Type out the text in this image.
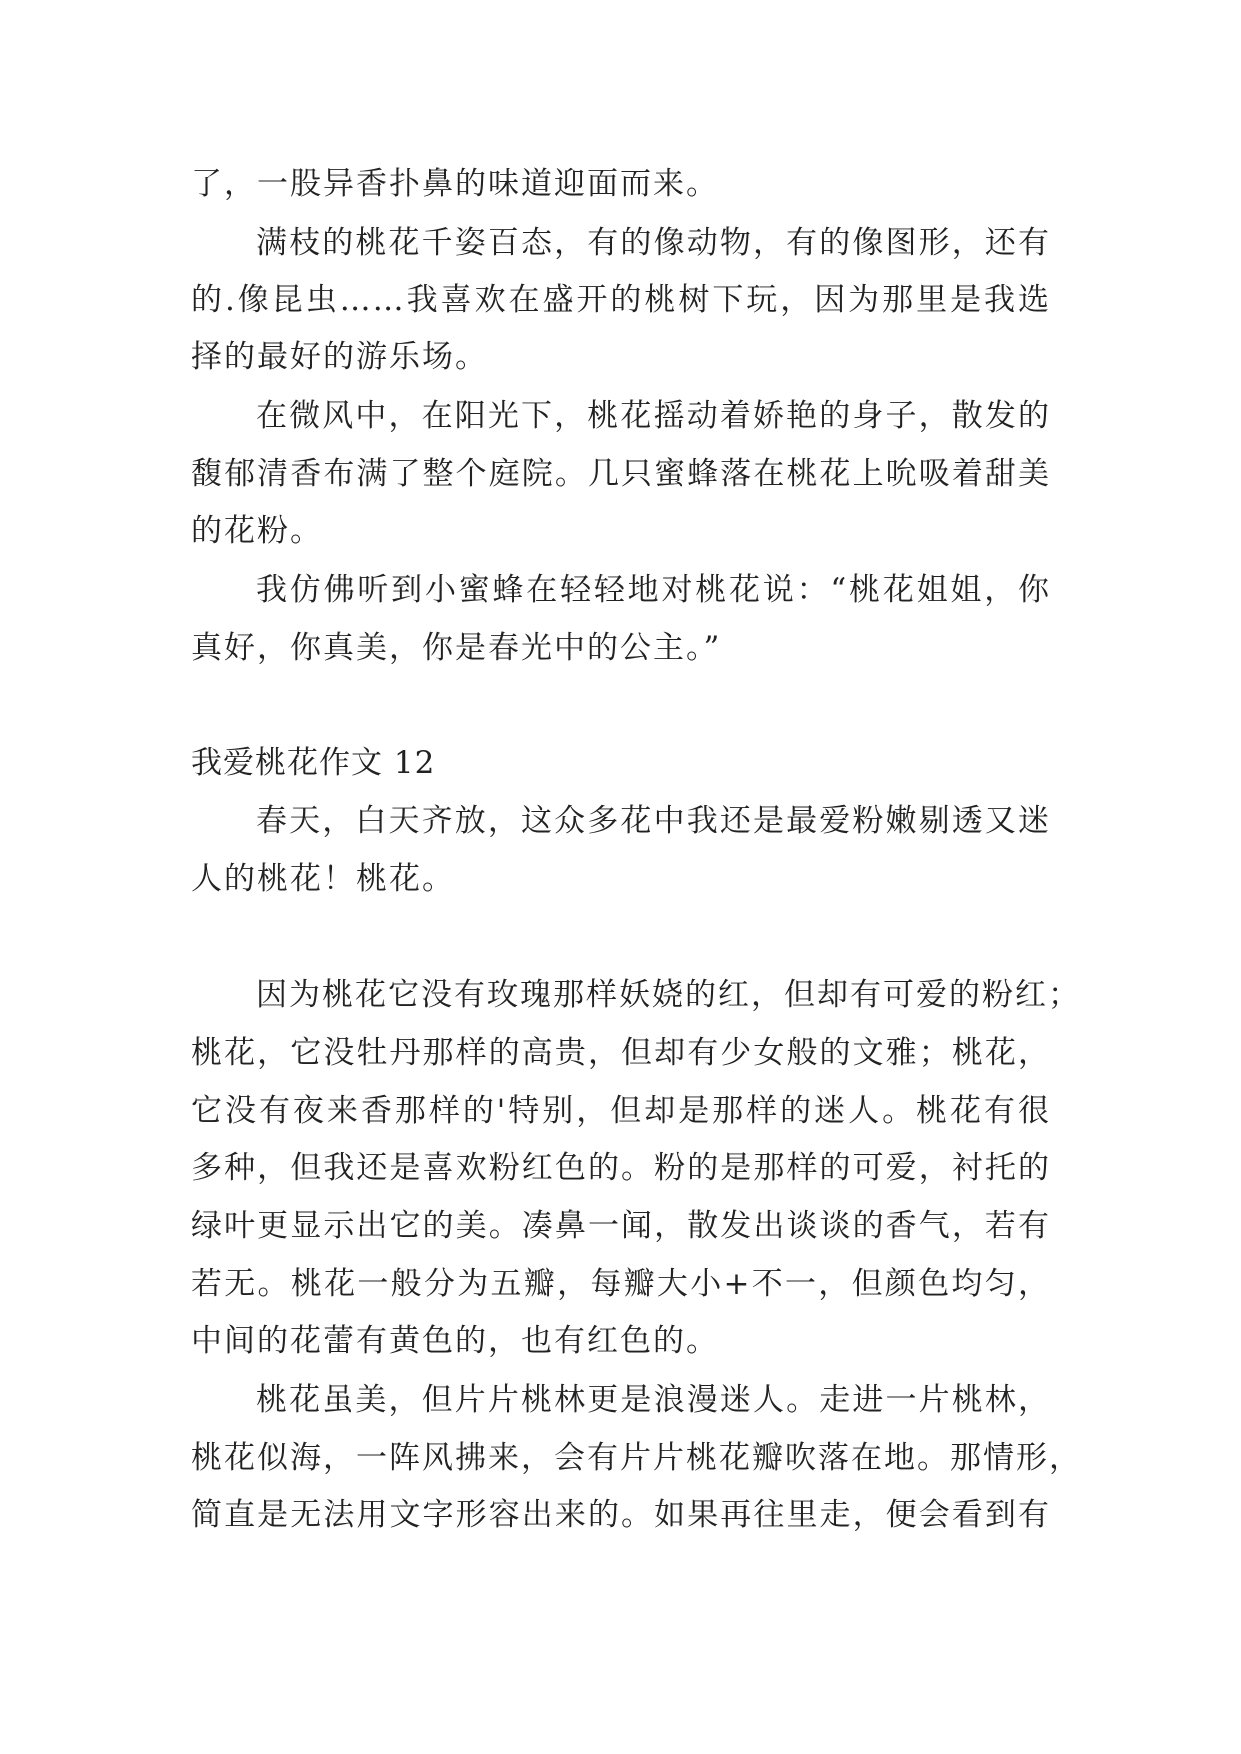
了，一股异香扑鼻的味道迎面而来。
满枝的桃花千姿百态，有的像动物，有的像图形，还有
的.像昆虫……我喜欢在盛开的桃树下玩，因为那里是我选
择的最好的游乐场。
在微风中，在阳光下，桃花摇动着娇艳的身子，散发的
馥郁清香布满了整个庭院。几只蜜蜂落在桃花上吮吸着甜美
的花粉。
我仿佛听到小蜜蜂在轻轻地对桃花说：“桃花姐姐，你
真好，你真美，你是春光中的公主。”
我爱桃花作文 12
春天，白天齐放，这众多花中我还是最爱粉嫩剔透又迷
人的桃花！桃花。
因为桃花它没有玫瑰那样妖娆的红，但却有可爱的粉红；
桃花，它没牡丹那样的高贵，但却有少女般的文雅；桃花，
它没有夜来香那样的'特别，但却是那样的迷人。桃花有很
多种，但我还是喜欢粉红色的。粉的是那样的可爱，衬托的
绿叶更显示出它的美。凑鼻一闻，散发出谈谈的香气，若有
若无。桃花一般分为五瓣，每瓣大小+不一，但颜色均匀，
中间的花蕾有黄色的，也有红色的。
桃花虽美，但片片桃林更是浪漫迷人。走进一片桃林，
桃花似海，一阵风拂来，会有片片桃花瓣吹落在地。那情形，
简直是无法用文字形容出来的。如果再往里走，便会看到有
